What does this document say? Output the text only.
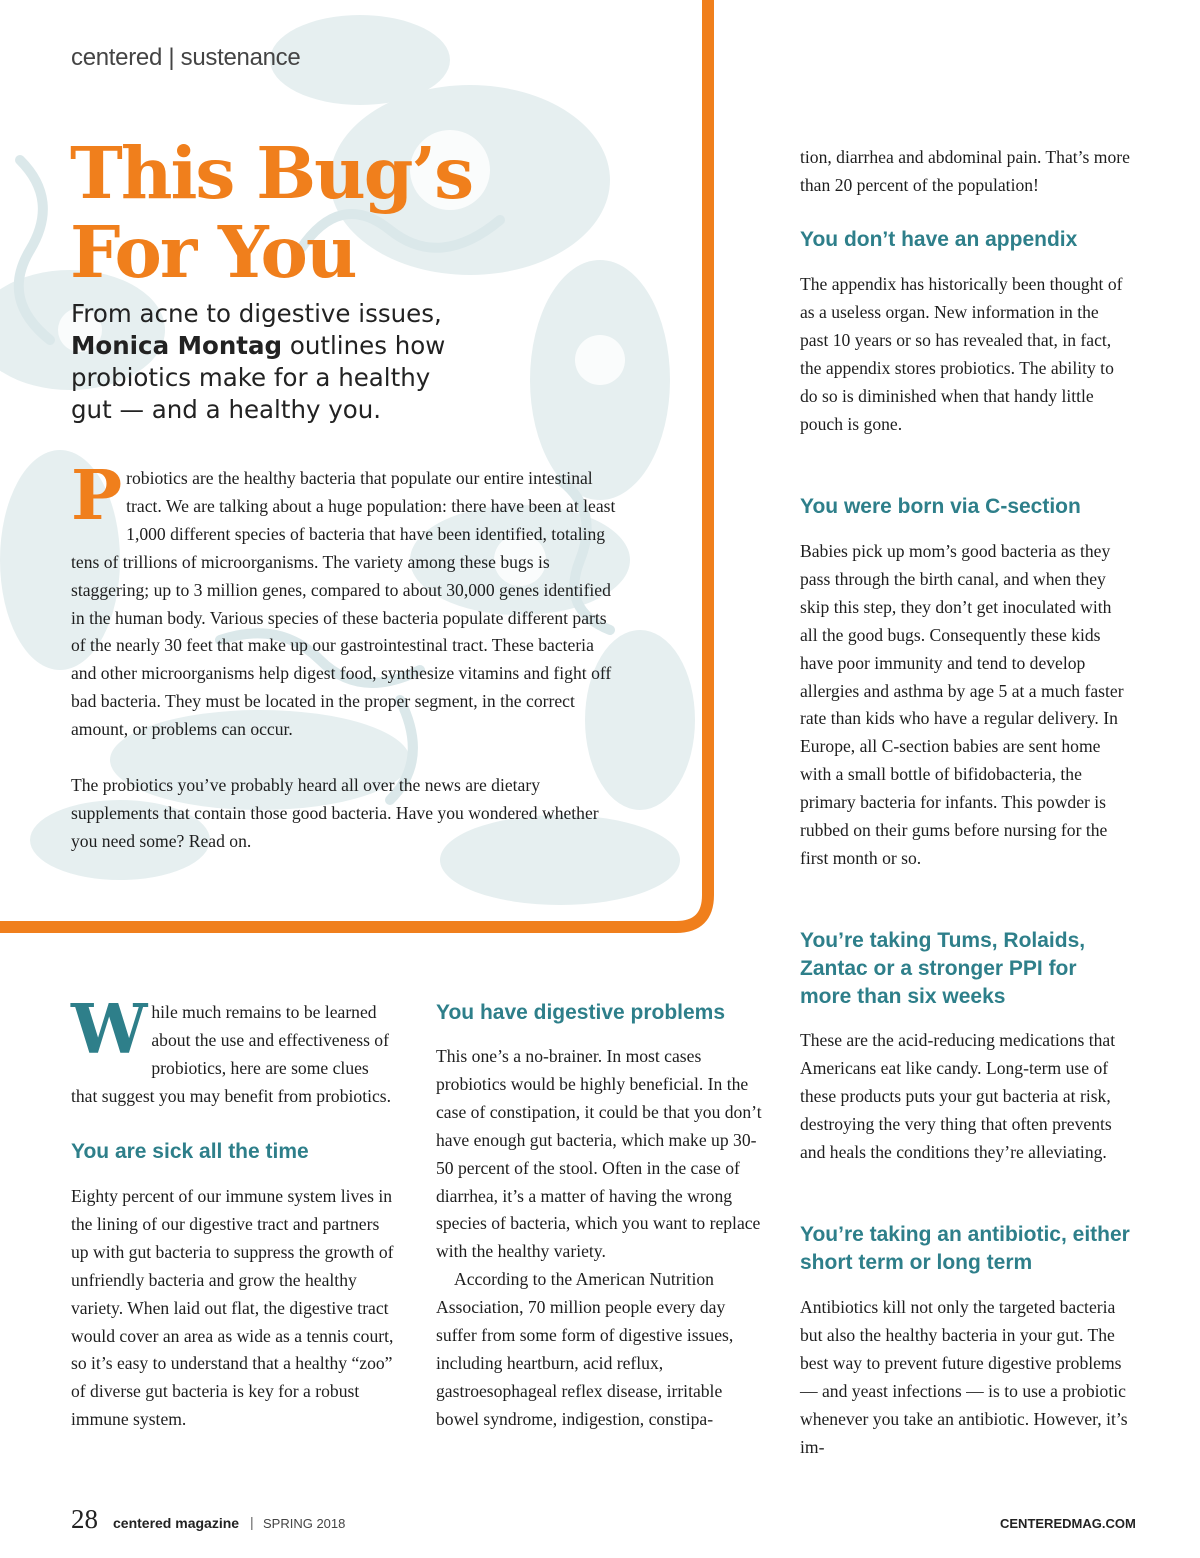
centered | sustenance
This Bug’s
For You
From acne to digestive issues,
Monica Montag outlines how probiotics make for a healthy gut — and a healthy you.

Probiotics are the healthy bacteria that populate our entire intestinal tract. We are talking about a huge population: there have been at least 1,000 different species of bacteria that have been identified, totaling tens of trillions of microorganisms. The variety among these bugs is staggering; up to 3 million genes, compared to about 30,000 genes identified in the human body. Various species of these bacteria populate different parts of the nearly 30 feet that make up our gastrointestinal tract. These bacteria and other microorganisms help digest food, synthesize vitamins and fight off bad bacteria. They must be located in the proper segment, in the correct amount, or problems can occur.

The probiotics you’ve probably heard all over the news are dietary supplements that contain those good bacteria. Have you wondered whether you need some? Read on.

While much remains to be learned about the use and effectiveness of probiotics, here are some clues that suggest you may benefit from probiotics.

You are sick all the time
Eighty percent of our immune system lives in the lining of our digestive tract and partners up with gut bacteria to suppress the growth of unfriendly bacteria and grow the healthy variety. When laid out flat, the digestive tract would cover an area as wide as a tennis court, so it’s easy to understand that a healthy “zoo” of diverse gut bacteria is key for a robust immune system.
You have digestive problems

This one’s a no-brainer. In most cases probiotics would be highly beneficial. In the case of constipation, it could be that you don’t have enough gut bacteria, which make up 30-50 percent of the stool. Often in the case of diarrhea, it’s a matter of having the wrong species of bacteria, which you want to replace with the healthy variety.

According to the American Nutrition Association, 70 million people every day suffer from some form of digestive issues, including heartburn, acid reflux, gastroesophageal reflex disease, irritable bowel syndrome, indigestion, constipa-

tion, diarrhea and abdominal pain. That’s more than 20 percent of the population!
You don’t have an appendix
The appendix has historically been thought of as a useless organ. New information in the past 10 years or so has revealed that, in fact, the appendix stores probiotics. The ability to do so is diminished when that handy little pouch is gone.
You were born via C-section
Babies pick up mom’s good bacteria as they pass through the birth canal, and when they skip this step, they don’t get inoculated with all the good bugs. Consequently these kids have poor immunity and tend to develop allergies and asthma by age 5 at a much faster rate than kids who have a regular delivery. In Europe, all C-section babies are sent home with a small bottle of bifidobacteria, the primary bacteria for infants. This powder is rubbed on their gums before nursing for the first month or so.
You’re taking Tums, Rolaids, Zantac or a stronger PPI for more than six weeks
These are the acid-reducing medications that Americans eat like candy. Long-term use of these products puts your gut bacteria at risk, destroying the very thing that often prevents and heals the conditions they’re alleviating.
You’re taking an antibiotic, either short term or long term
Antibiotics kill not only the targeted bacteria but also the healthy bacteria in your gut. The best way to prevent future digestive problems — and yeast infections — is to use a probiotic whenever you take an antibiotic. However, it’s im-
28 centered magazine | SPRING 2018	CENTEREDMAG.COM
